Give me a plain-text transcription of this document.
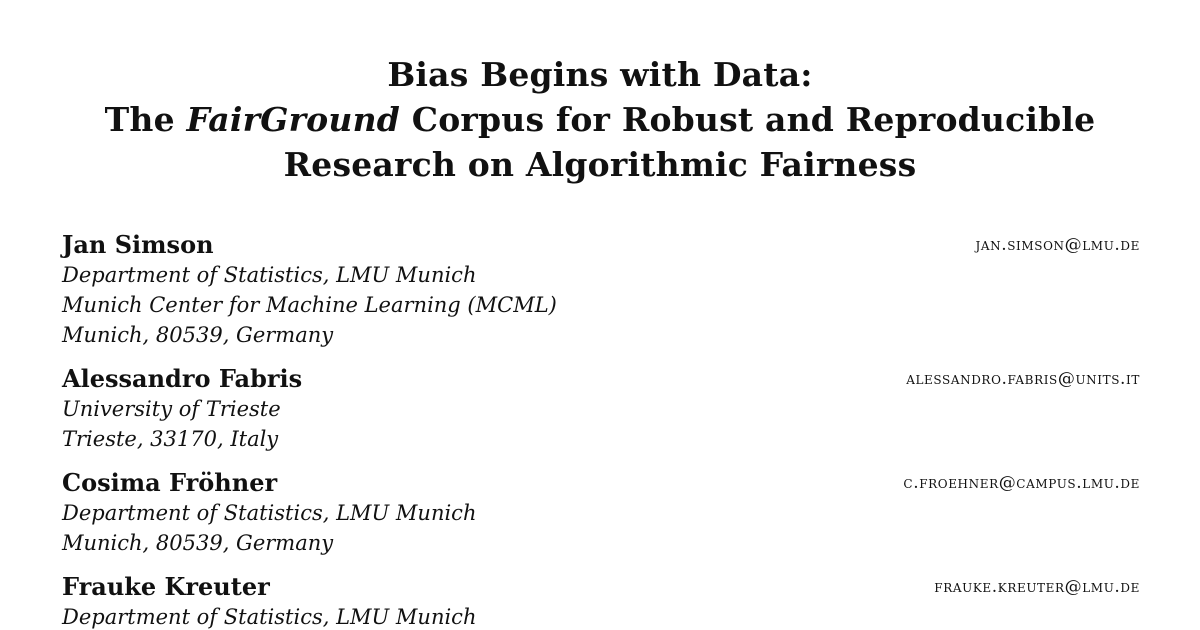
Bias Begins with Data:
The FairGround Corpus for Robust and Reproducible
Research on Algorithmic Fairness
Jan Simson	jan.simson@lmu.de
Department of Statistics, LMU Munich
Munich Center for Machine Learning (MCML)
Munich, 80539, Germany
Alessandro Fabris	alessandro.fabris@units.it
University of Trieste
Trieste, 33170, Italy
Cosima Fröhner	c.froehner@campus.lmu.de
Department of Statistics, LMU Munich
Munich, 80539, Germany
Frauke Kreuter	frauke.kreuter@lmu.de
Department of Statistics, LMU Munich
